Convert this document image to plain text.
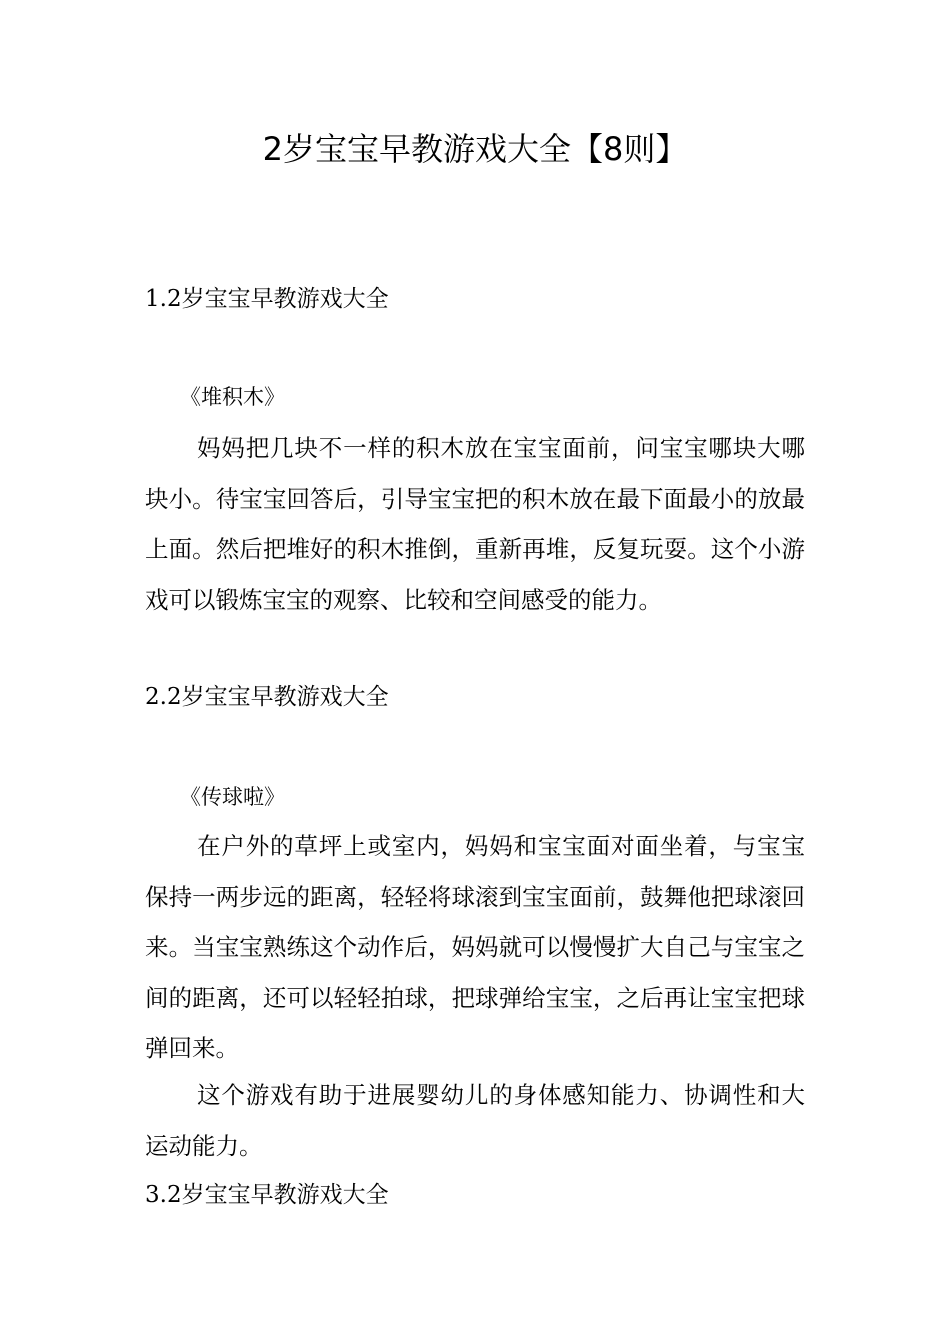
2岁宝宝早教游戏大全【8则】
1.2岁宝宝早教游戏大全
《堆积木》

妈妈把几块不一样的积木放在宝宝面前，问宝宝哪块大哪块小。待宝宝回答后，引导宝宝把的积木放在最下面最小的放最上面。然后把堆好的积木推倒，重新再堆，反复玩耍。这个小游戏可以锻炼宝宝的观察、比较和空间感受的能力。

2.2岁宝宝早教游戏大全
《传球啦》

在户外的草坪上或室内，妈妈和宝宝面对面坐着，与宝宝保持一两步远的距离，轻轻将球滚到宝宝面前，鼓舞他把球滚回来。当宝宝熟练这个动作后，妈妈就可以慢慢扩大自己与宝宝之间的距离，还可以轻轻拍球，把球弹给宝宝，之后再让宝宝把球弹回来。

这个游戏有助于进展婴幼儿的身体感知能力、协调性和大运动能力。

3.2岁宝宝早教游戏大全
